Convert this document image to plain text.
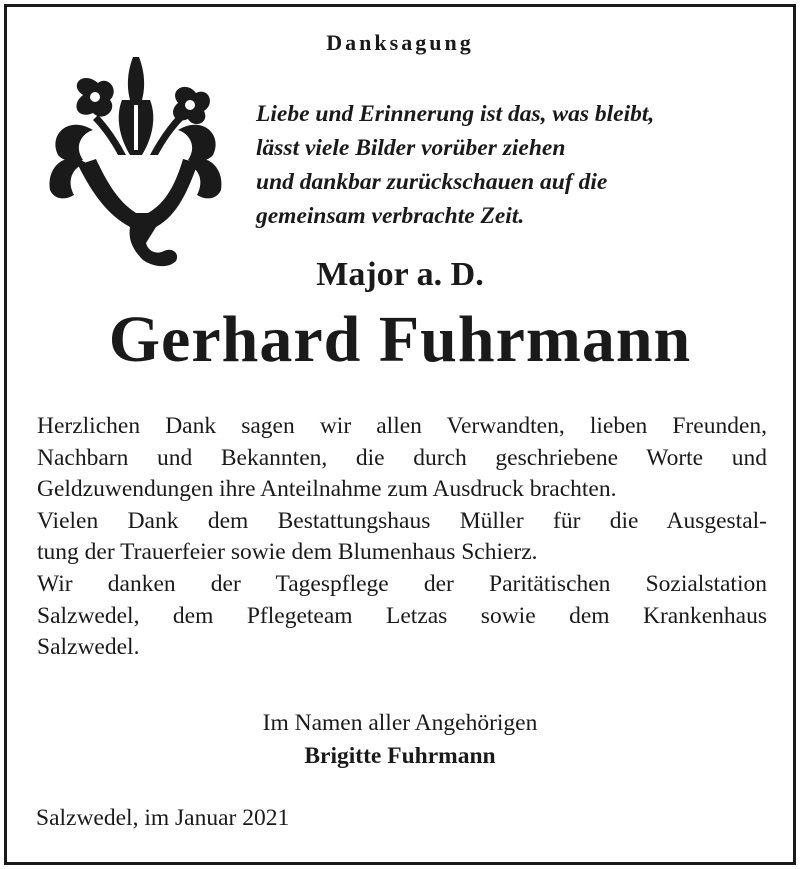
Danksagung
Liebe und Erinnerung ist das, was bleibt,
lässt viele Bilder vorüber ziehen
und dankbar zurückschauen auf die
gemeinsam verbrachte Zeit.
Major a. D.
Gerhard Fuhrmann
Herzlichen Dank sagen wir allen Verwandten, lieben Freunden,
Nachbarn und Bekannten, die durch geschriebene Worte und
Geldzuwendungen ihre Anteilnahme zum Ausdruck brachten.
Vielen Dank dem Bestattungshaus Müller für die Ausgestal-
tung der Trauerfeier sowie dem Blumenhaus Schierz.
Wir danken der Tagespflege der Paritätischen Sozialstation
Salzwedel, dem Pflegeteam Letzas sowie dem Krankenhaus
Salzwedel.
Im Namen aller Angehörigen
Brigitte Fuhrmann
Salzwedel, im Januar 2021
